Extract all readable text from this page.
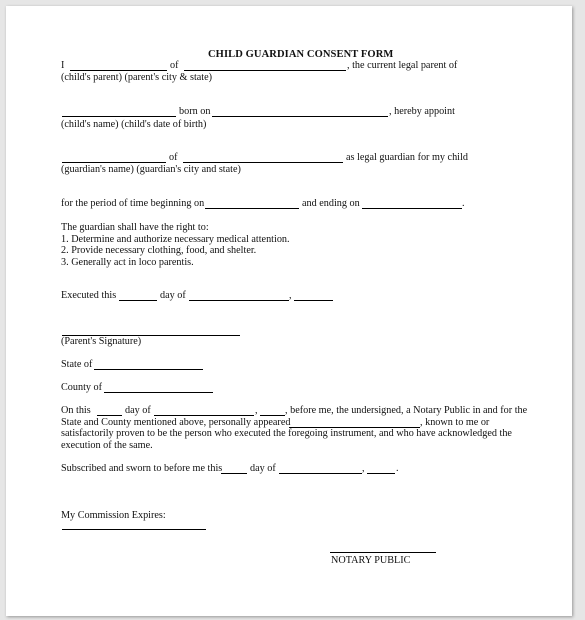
CHILD GUARDIAN CONSENT FORM
I	of	, the current legal parent of
(child's parent) (parent's city & state)
born on	, hereby appoint
(child's name) (child's date of birth)
of	as legal guardian for my child
(guardian's name) (guardian's city and state)
for the period of time beginning on	and ending on	.
The guardian shall have the right to:
1. Determine and authorize necessary medical attention.
2. Provide necessary clothing, food, and shelter.
3. Generally act in loco parentis.
Executed this	day of	,
(Parent's Signature)
State of
County of
On this	day of	,	, before me, the undersigned, a Notary Public in and for the
State and County mentioned above, personally appeared	, known to me or
satisfactorily proven to be the person who executed the foregoing instrument, and who have acknowledged the
execution of the same.
Subscribed and sworn to before me this	day of	,	.
My Commission Expires:
NOTARY PUBLIC
